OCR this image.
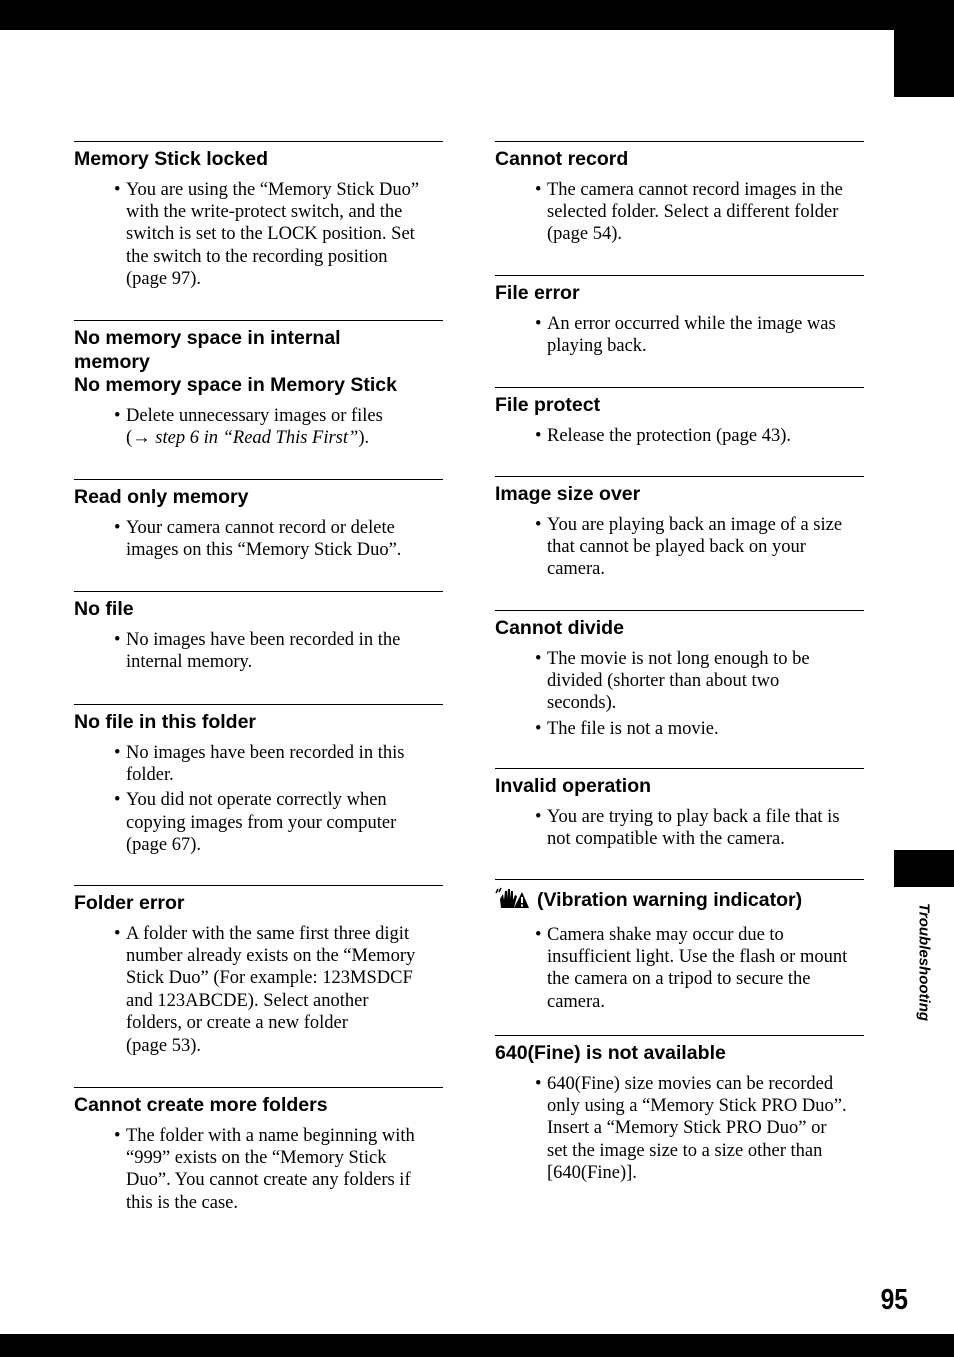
Troubleshooting
95
Memory Stick locked
• You are using the “Memory Stick Duo”
with the write-protect switch, and the
switch is set to the LOCK position. Set
the switch to the recording position
(page 97).
No memory space in internal
memory
No memory space in Memory Stick
• Delete unnecessary images or files
(→ step 6 in “Read This First”).
Read only memory
• Your camera cannot record or delete
images on this “Memory Stick Duo”.
No file
• No images have been recorded in the
internal memory.
No file in this folder
• No images have been recorded in this
folder.
• You did not operate correctly when
copying images from your computer
(page 67).
Folder error
• A folder with the same first three digit
number already exists on the “Memory
Stick Duo” (For example: 123MSDCF
and 123ABCDE). Select another
folders, or create a new folder
(page 53).
Cannot create more folders
• The folder with a name beginning with
“999” exists on the “Memory Stick
Duo”. You cannot create any folders if
this is the case.
Cannot record
• The camera cannot record images in the
selected folder. Select a different folder
(page 54).
File error
• An error occurred while the image was
playing back.
File protect
• Release the protection (page 43).
Image size over
• You are playing back an image of a size
that cannot be played back on your
camera.
Cannot divide
• The movie is not long enough to be
divided (shorter than about two
seconds).
• The file is not a movie.
Invalid operation
• You are trying to play back a file that is
not compatible with the camera.
(Vibration warning indicator)
• Camera shake may occur due to
insufficient light. Use the flash or mount
the camera on a tripod to secure the
camera.
640(Fine) is not available
• 640(Fine) size movies can be recorded
only using a “Memory Stick PRO Duo”.
Insert a “Memory Stick PRO Duo” or
set the image size to a size other than
[640(Fine)].
